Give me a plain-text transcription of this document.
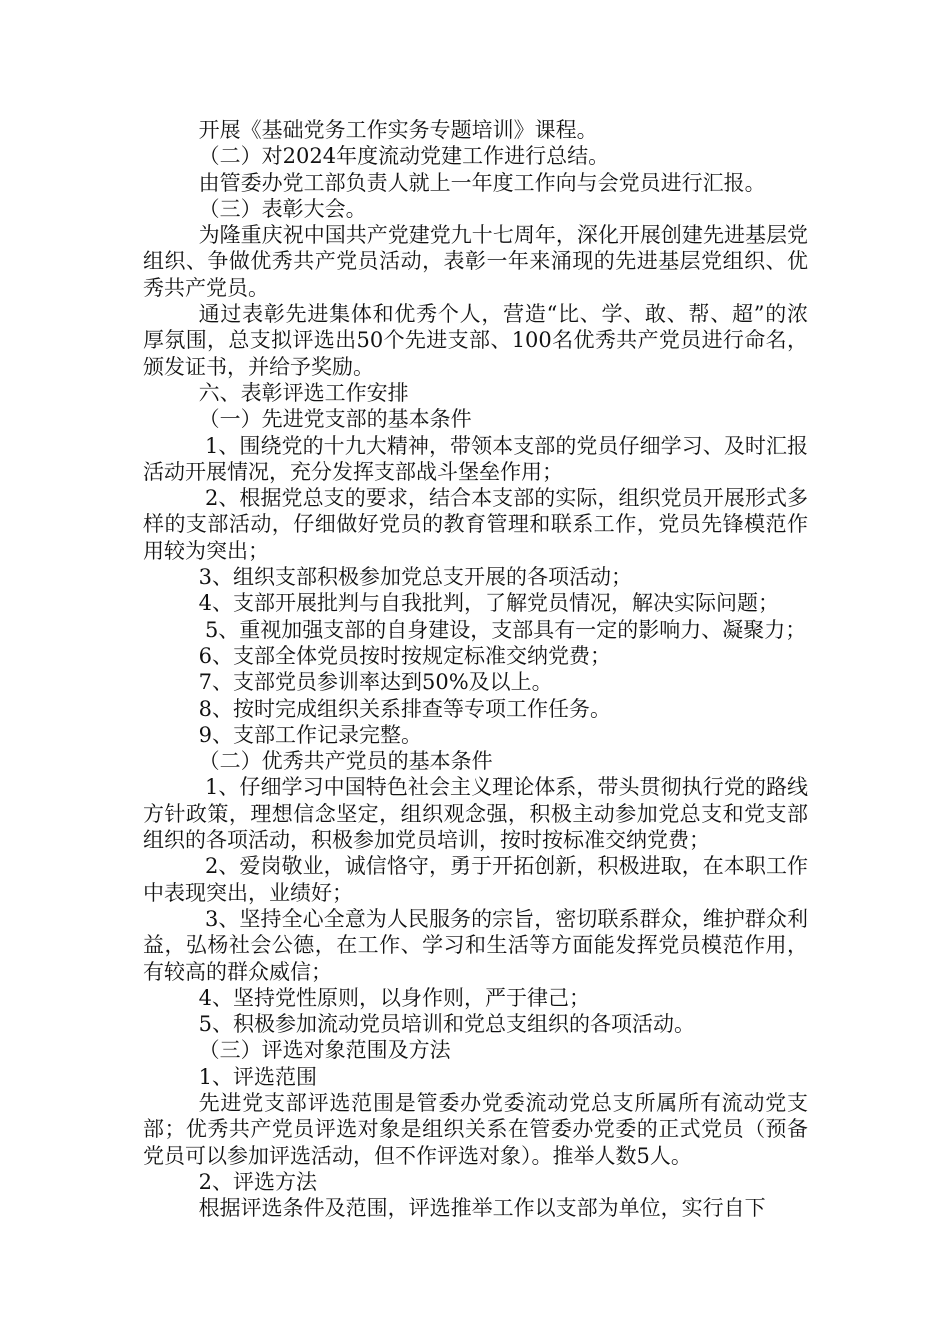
开展《基础党务工作实务专题培训》课程。

（二）对2024年度流动党建工作进行总结。

由管委办党工部负责人就上一年度工作向与会党员进行汇报。

（三）表彰大会。

为隆重庆祝中国共产党建党九十七周年，深化开展创建先进基层党组织、争做优秀共产党员活动，表彰一年来涌现的先进基层党组织、优秀共产党员。

通过表彰先进集体和优秀个人，营造“比、学、敢、帮、超”的浓厚氛围，总支拟评选出50个先进支部、100名优秀共产党员进行命名，颁发证书，并给予奖励。

六、表彰评选工作安排

（一）先进党支部的基本条件

1、围绕党的十九大精神，带领本支部的党员仔细学习、及时汇报活动开展情况，充分发挥支部战斗堡垒作用；

2、根据党总支的要求，结合本支部的实际，组织党员开展形式多样的支部活动，仔细做好党员的教育管理和联系工作，党员先锋模范作用较为突出；

3、组织支部积极参加党总支开展的各项活动；

4、支部开展批判与自我批判，了解党员情况，解决实际问题；

5、重视加强支部的自身建设，支部具有一定的影响力、凝聚力；

6、支部全体党员按时按规定标准交纳党费；

7、支部党员参训率达到50%及以上。

8、按时完成组织关系排查等专项工作任务。

9、支部工作记录完整。

（二）优秀共产党员的基本条件

1、仔细学习中国特色社会主义理论体系，带头贯彻执行党的路线方针政策，理想信念坚定，组织观念强，积极主动参加党总支和党支部组织的各项活动，积极参加党员培训，按时按标准交纳党费；

2、爱岗敬业，诚信恪守，勇于开拓创新，积极进取，在本职工作中表现突出，业绩好；

3、坚持全心全意为人民服务的宗旨，密切联系群众，维护群众利益，弘杨社会公德，在工作、学习和生活等方面能发挥党员模范作用，有较高的群众威信；

4、坚持党性原则，以身作则，严于律己；

5、积极参加流动党员培训和党总支组织的各项活动。

（三）评选对象范围及方法

1、评选范围

先进党支部评选范围是管委办党委流动党总支所属所有流动党支部；优秀共产党员评选对象是组织关系在管委办党委的正式党员（预备党员可以参加评选活动，但不作评选对象）。推举人数5人。

2、评选方法

根据评选条件及范围，评选推举工作以支部为单位，实行自下
